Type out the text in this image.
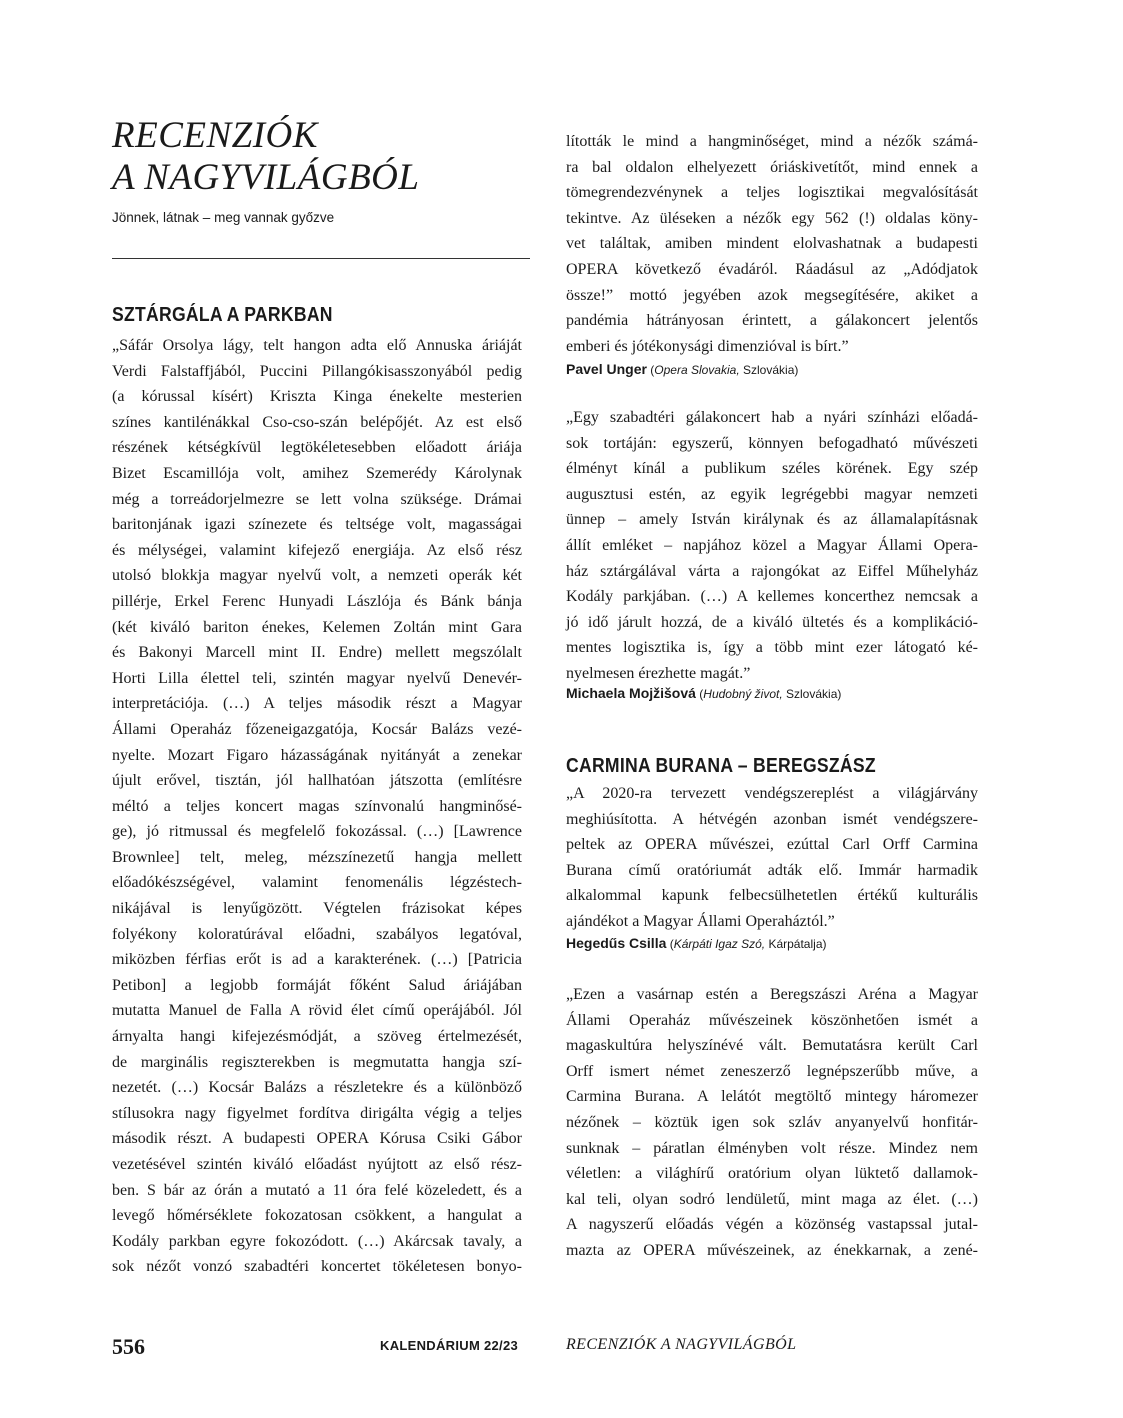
RECENZIÓK
A NAGYVILÁGBÓL
Jönnek, látnak – meg vannak győzve
SZTÁRGÁLA A PARKBAN
„Sáfár Orsolya lágy, telt hangon adta elő Annuska áriáját
Verdi Falstaffjából, Puccini Pillangókisasszonyából pedig
(a kórussal kísért) Kriszta Kinga énekelte mesterien
színes kantilénákkal Cso-cso-szán belépőjét. Az est első
részének kétségkívül legtökéletesebben előadott áriája
Bizet Escamillója volt, amihez Szemerédy Károlynak
még a torreádorjelmezre se lett volna szüksége. Drámai
baritonjának igazi színezete és teltsége volt, magasságai
és mélységei, valamint kifejező energiája. Az első rész
utolsó blokkja magyar nyelvű volt, a nemzeti operák két
pillérje, Erkel Ferenc Hunyadi Lászlója és Bánk bánja
(két kiváló bariton énekes, Kelemen Zoltán mint Gara
és Bakonyi Marcell mint II. Endre) mellett megszólalt
Horti Lilla élettel teli, szintén magyar nyelvű Denevér-
interpretációja. (…) A teljes második részt a Magyar
Állami Operaház főzeneigazgatója, Kocsár Balázs vezé-
nyelte. Mozart Figaro házasságának nyitányát a zenekar
újult erővel, tisztán, jól hallhatóan játszotta (említésre
méltó a teljes koncert magas színvonalú hangminősé-
ge), jó ritmussal és megfelelő fokozással. (…) [Lawrence
Brownlee] telt, meleg, mézszínezetű hangja mellett
előadókészségével, valamint fenomenális légzéstech-
nikájával is lenyűgözött. Végtelen frázisokat képes
folyékony koloratúrával előadni, szabályos legatóval,
miközben férfias erőt is ad a karakterének. (…) [Patricia
Petibon] a legjobb formáját főként Salud áriájában
mutatta Manuel de Falla A rövid élet című operájából. Jól
árnyalta hangi kifejezésmódját, a szöveg értelmezését,
de marginális regiszterekben is megmutatta hangja szí-
nezetét. (…) Kocsár Balázs a részletekre és a különböző
stílusokra nagy figyelmet fordítva dirigálta végig a teljes
második részt. A budapesti OPERA Kórusa Csiki Gábor
vezetésével szintén kiváló előadást nyújtott az első rész-
ben. S bár az órán a mutató a 11 óra felé közeledett, és a
levegő hőmérséklete fokozatosan csökkent, a hangulat a
Kodály parkban egyre fokozódott. (…) Akárcsak tavaly, a
sok nézőt vonzó szabadtéri koncertet tökéletesen bonyo-
lították le mind a hangminőséget, mind a nézők számá-
ra bal oldalon elhelyezett óriáskivetítőt, mind ennek a
tömegrendezvénynek a teljes logisztikai megvalósítását
tekintve. Az üléseken a nézők egy 562 (!) oldalas köny-
vet találtak, amiben mindent elolvashatnak a budapesti
OPERA következő évadáról. Ráadásul az „Adódjatok
össze!” mottó jegyében azok megsegítésére, akiket a
pandémia hátrányosan érintett, a gálakoncert jelentős
emberi és jótékonysági dimenzióval is bírt.”
Pavel Unger (Opera Slovakia, Szlovákia)
„Egy szabadtéri gálakoncert hab a nyári színházi előadá-
sok tortáján: egyszerű, könnyen befogadható művészeti
élményt kínál a publikum széles körének. Egy szép
augusztusi estén, az egyik legrégebbi magyar nemzeti
ünnep – amely István királynak és az államalapításnak
állít emléket – napjához közel a Magyar Állami Opera-
ház sztárgálával várta a rajongókat az Eiffel Műhelyház
Kodály parkjában. (…) A kellemes koncerthez nemcsak a
jó idő járult hozzá, de a kiváló ültetés és a komplikáció-
mentes logisztika is, így a több mint ezer látogató ké-
nyelmesen érezhette magát.”
Michaela Mojžišová (Hudobný život, Szlovákia)
CARMINA BURANA – BEREGSZÁSZ
„A 2020-ra tervezett vendégszereplést a világjárvány
meghiúsította. A hétvégén azonban ismét vendégszere-
peltek az OPERA művészei, ezúttal Carl Orff Carmina
Burana című oratóriumát adták elő. Immár harmadik
alkalommal kapunk felbecsülhetetlen értékű kulturális
ajándékot a Magyar Állami Operaháztól.”
Hegedűs Csilla (Kárpáti Igaz Szó, Kárpátalja)
„Ezen a vasárnap estén a Beregszászi Aréna a Magyar
Állami Operaház művészeinek köszönhetően ismét a
magaskultúra helyszínévé vált. Bemutatásra került Carl
Orff ismert német zeneszerző legnépszerűbb műve, a
Carmina Burana. A lelátót megtöltő mintegy háromezer
nézőnek – köztük igen sok szláv anyanyelvű honfitár-
sunknak – páratlan élményben volt része. Mindez nem
véletlen: a világhírű oratórium olyan lüktető dallamok-
kal teli, olyan sodró lendületű, mint maga az élet. (…)
A nagyszerű előadás végén a közönség vastapssal jutal-
mazta az OPERA művészeinek, az énekkarnak, a zené-
556	KALENDÁRIUM 22/23	RECENZIÓK A NAGYVILÁGBÓL
